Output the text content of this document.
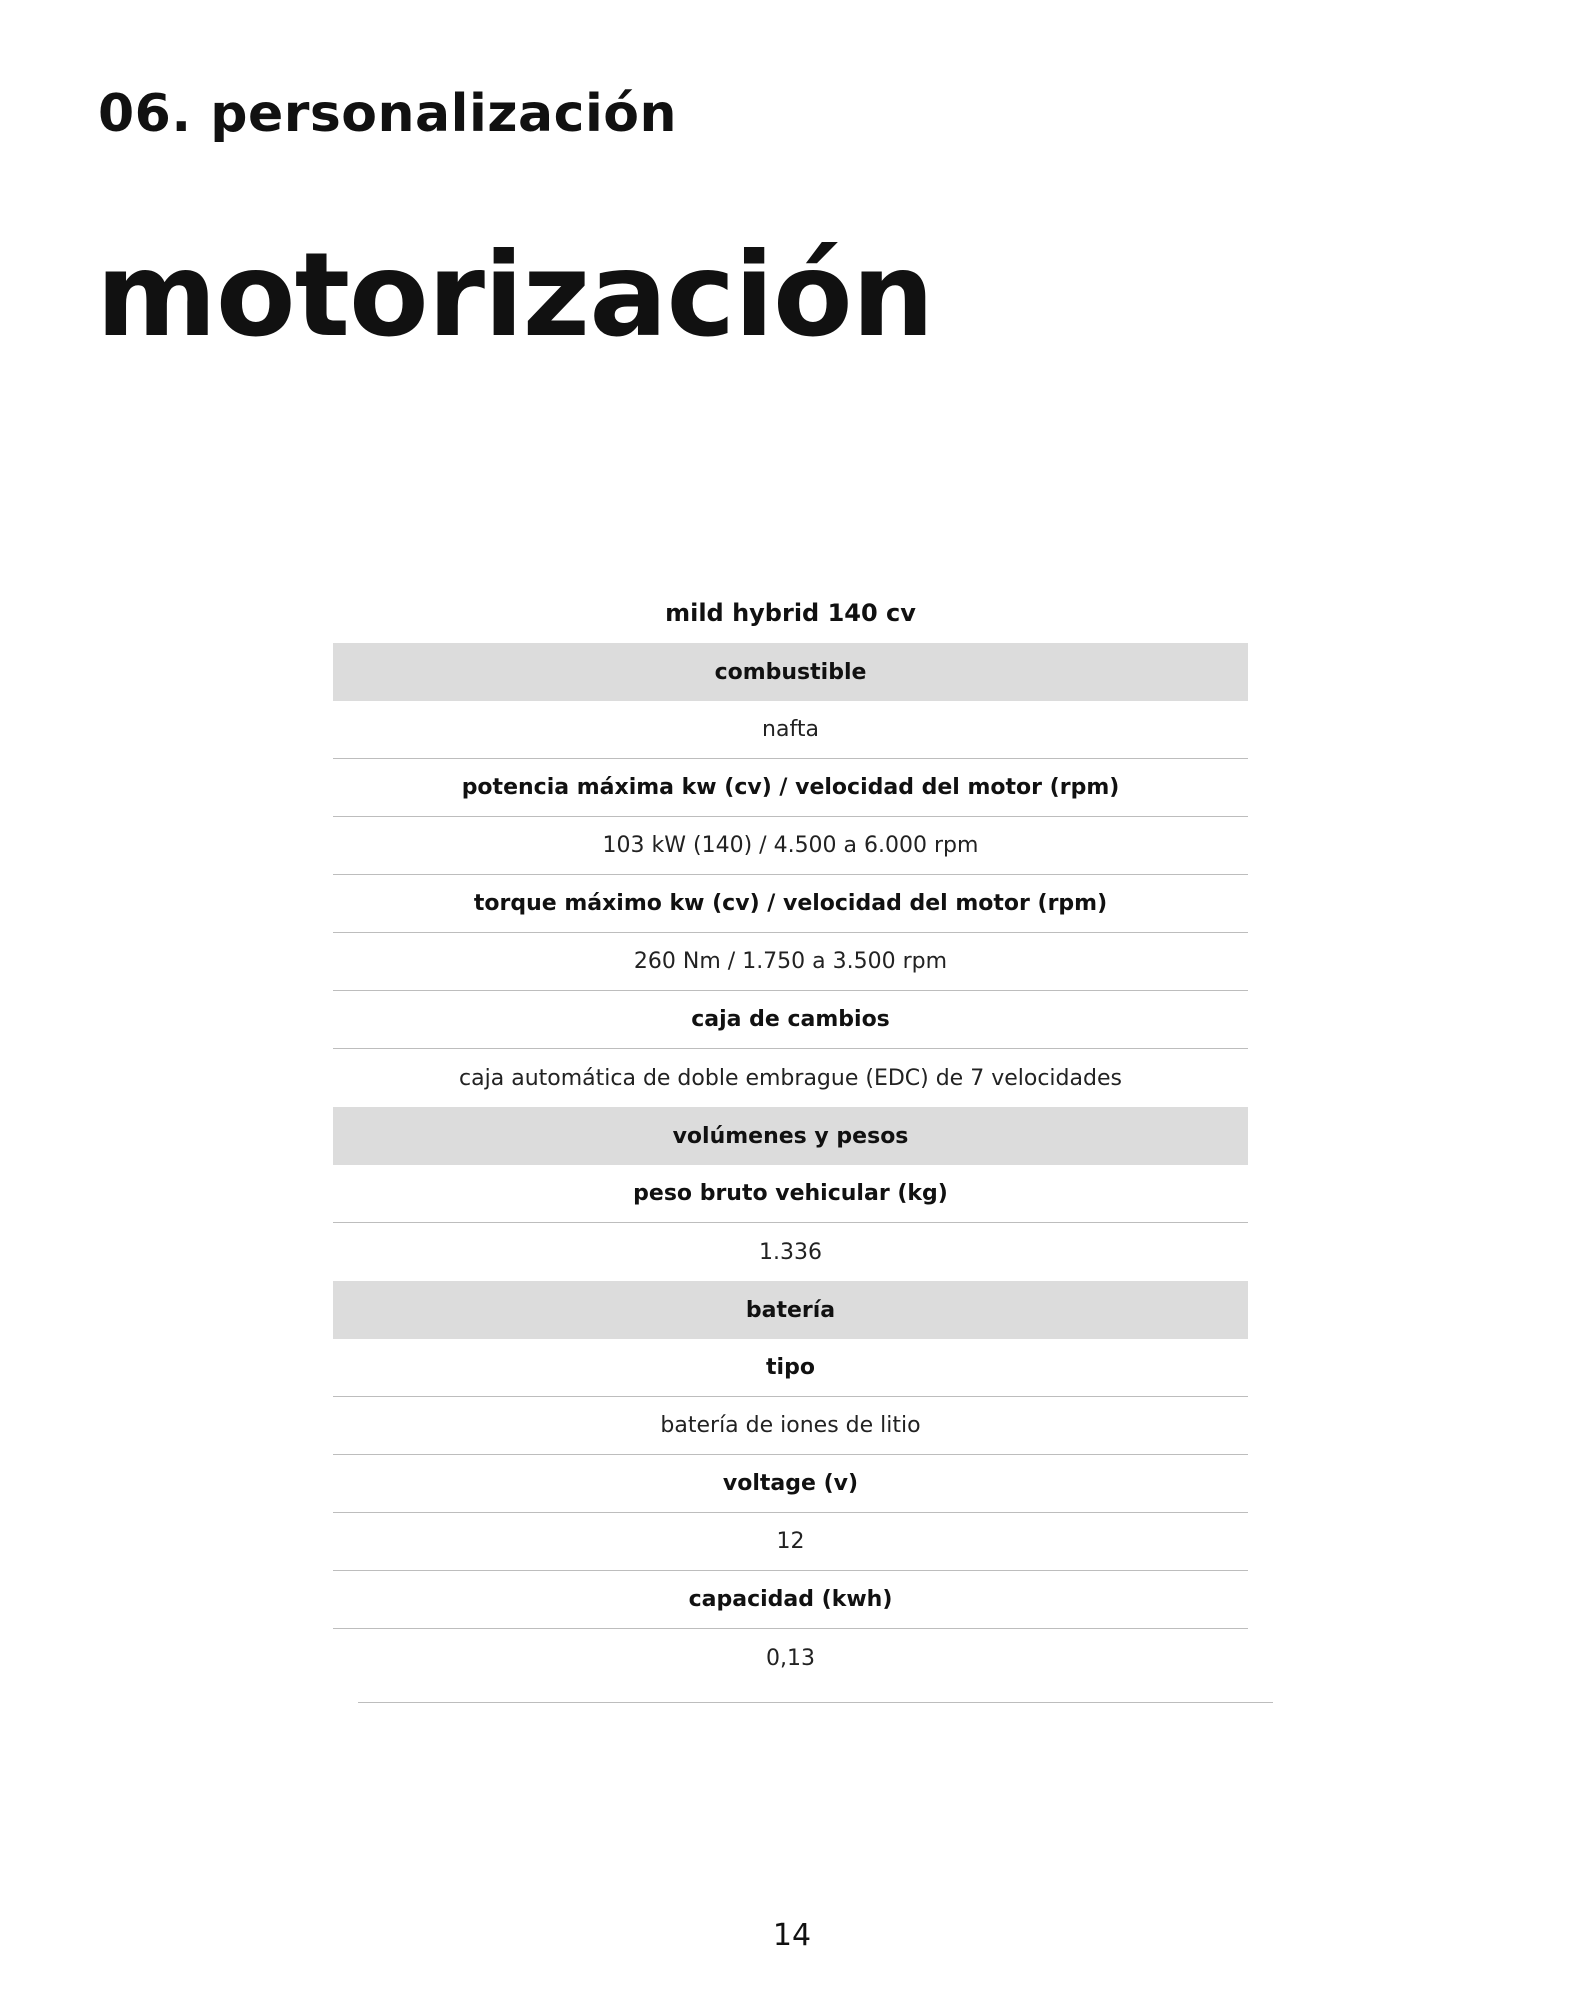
06. personalización
motorización
mild hybrid 140 cv
combustible
nafta
potencia máxima kw (cv) / velocidad del motor (rpm)
103 kW (140) / 4.500 a 6.000 rpm
torque máximo kw (cv) / velocidad del motor (rpm)
260 Nm / 1.750 a 3.500 rpm
caja de cambios
caja automática de doble embrague (EDC) de 7 velocidades
volúmenes y pesos
peso bruto vehicular (kg)
1.336
batería
tipo
batería de iones de litio
voltage (v)
12
capacidad (kwh)
0,13

14
